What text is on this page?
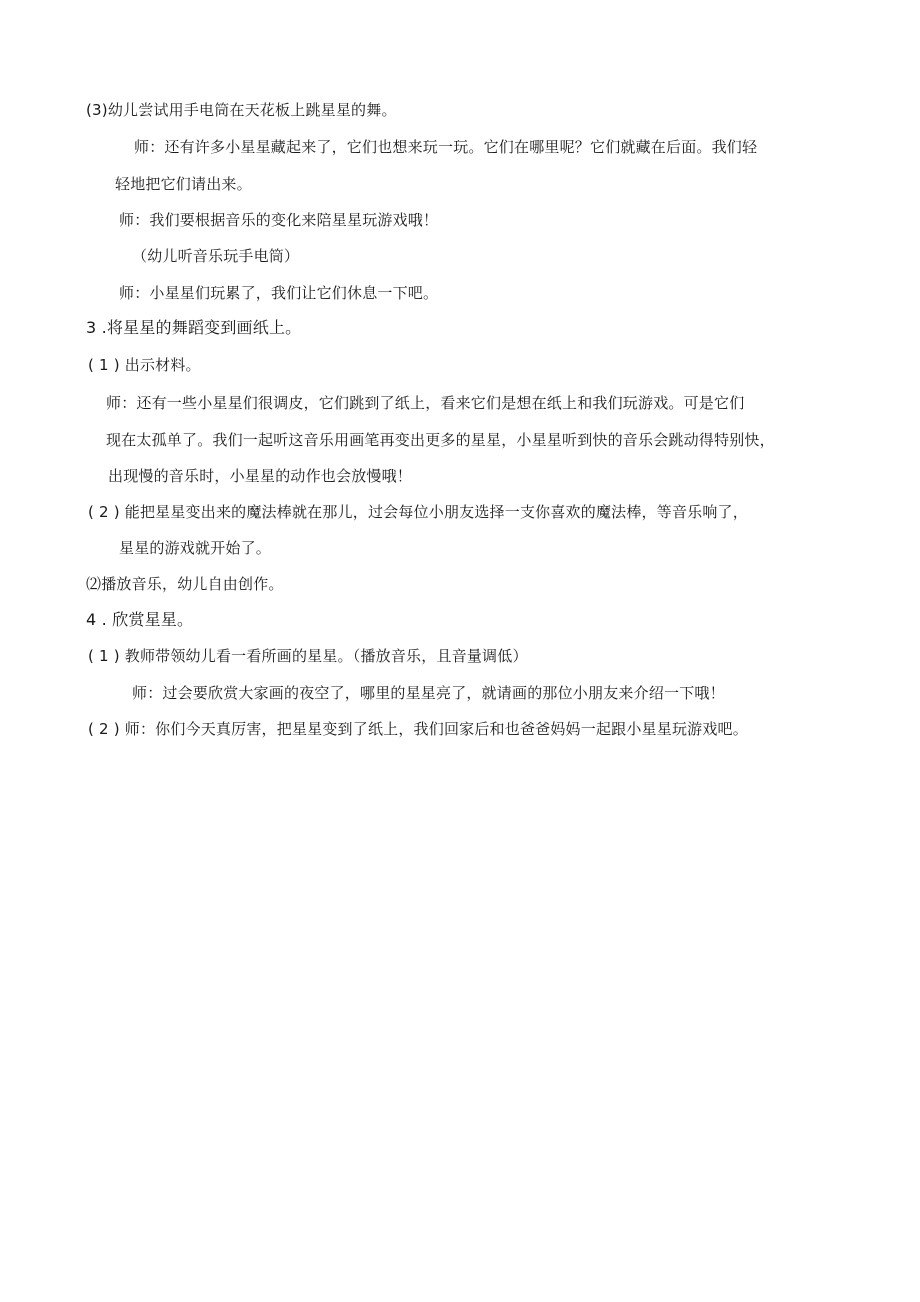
(3)幼儿尝试用手电筒在天花板上跳星星的舞。
师：还有许多小星星藏起来了，它们也想来玩一玩。它们在哪里呢？它们就藏在后面。我们轻
轻地把它们请出来。
师：我们要根据音乐的变化来陪星星玩游戏哦！
（幼儿听音乐玩手电筒）
师：小星星们玩累了，我们让它们休息一下吧。
3 .将星星的舞蹈变到画纸上。
( 1 ) 出示材料。
师：还有一些小星星们很调皮，它们跳到了纸上，看来它们是想在纸上和我们玩游戏。可是它们
现在太孤单了。我们一起听这音乐用画笔再变出更多的星星，小星星听到快的音乐会跳动得特别快，
出现慢的音乐时，小星星的动作也会放慢哦！
( 2 ) 能把星星变出来的魔法棒就在那儿，过会每位小朋友选择一支你喜欢的魔法棒，等音乐响了，
星星的游戏就开始了。
⑵播放音乐，幼儿自由创作。
4 . 欣赏星星。
( 1 ) 教师带领幼儿看一看所画的星星。（播放音乐，且音量调低）
师：过会要欣赏大家画的夜空了，哪里的星星亮了，就请画的那位小朋友来介绍一下哦！
( 2 ) 师：你们今天真厉害，把星星变到了纸上，我们回家后和也爸爸妈妈一起跟小星星玩游戏吧。
